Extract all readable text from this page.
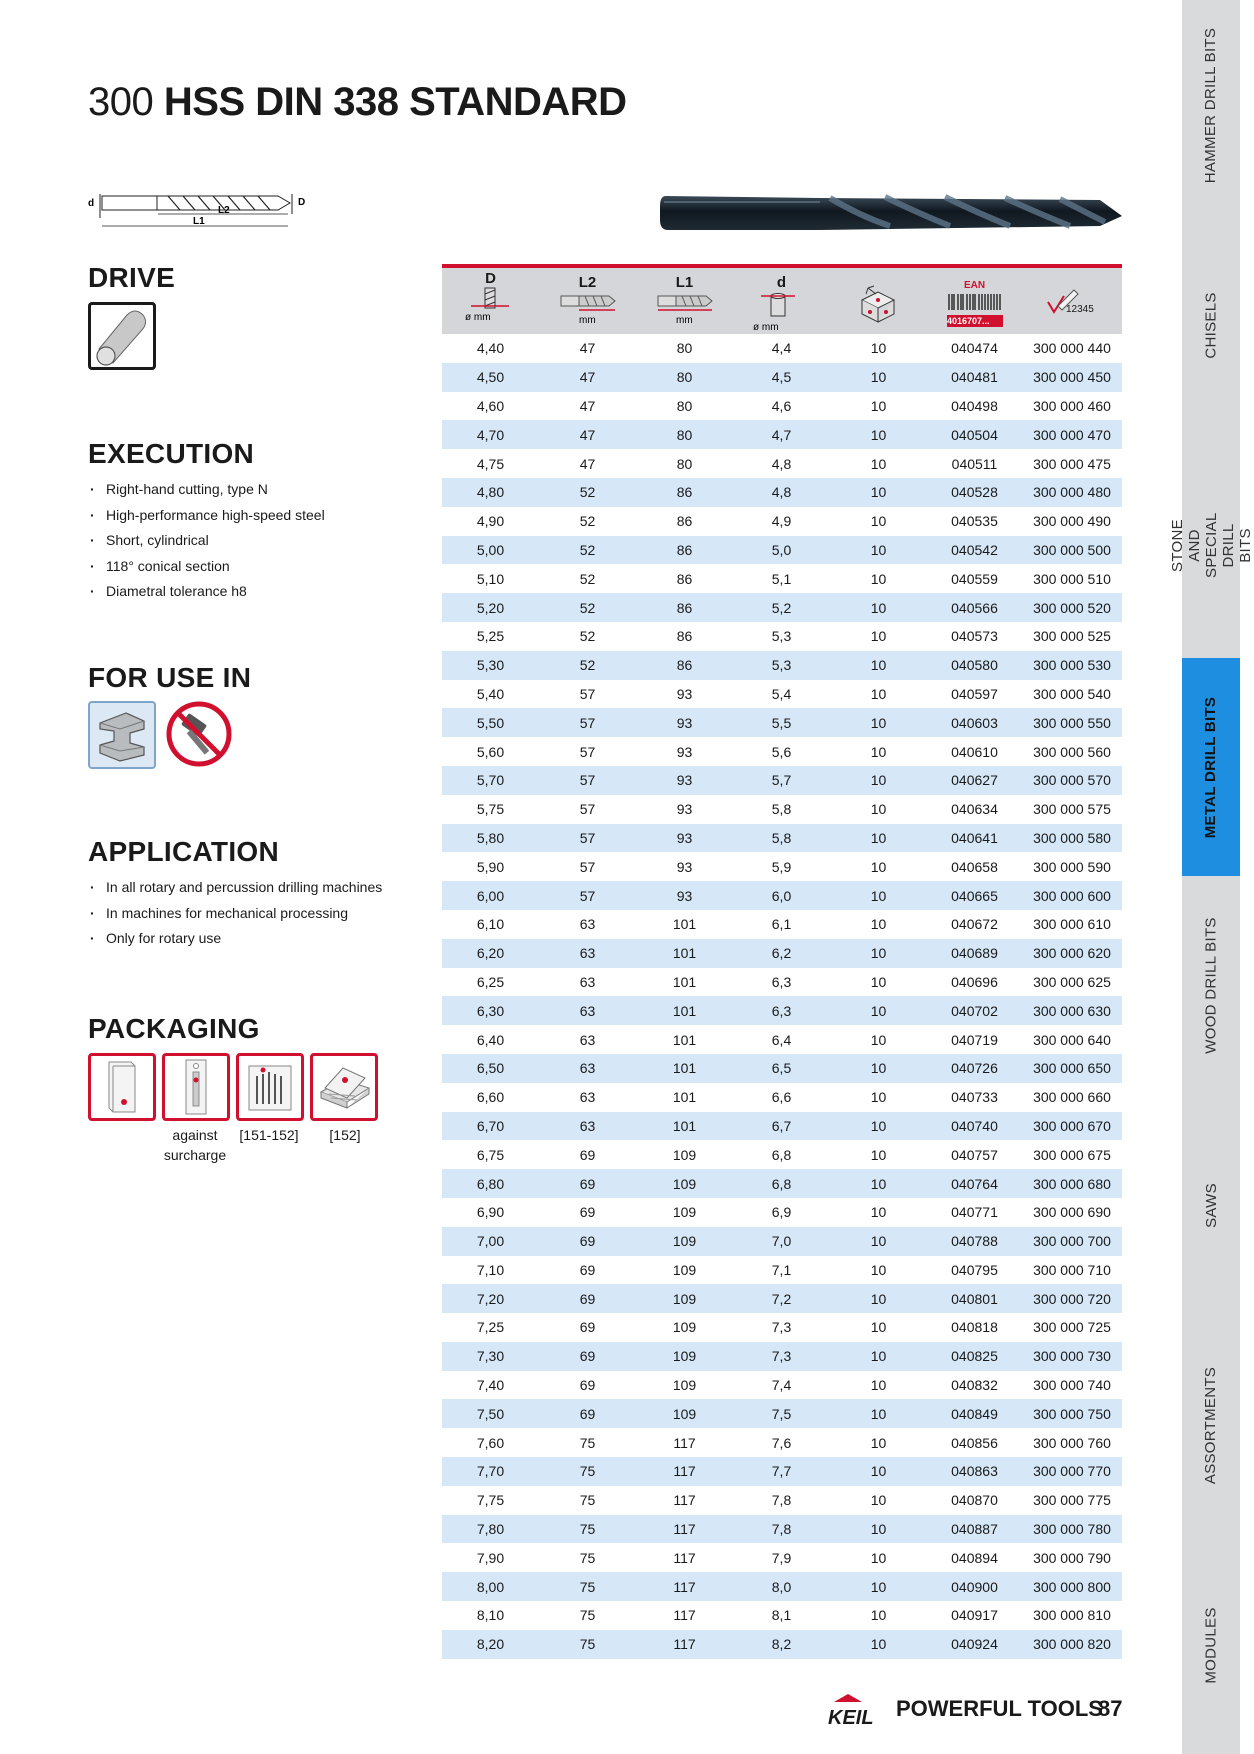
300 HSS DIN 338 STANDARD
d	D
L2
L1
DRIVE
EXECUTION
· Right-hand cutting, type N
· High-performance high-speed steel
· Short, cylindrical
· 118° conical section
· Diametral tolerance h8
FOR USE IN
APPLICATION
· In all rotary and percussion drilling machines
· In machines for mechanical processing
· Only for rotary use
PACKAGING
against
surcharge
[151-152]	[152]
D
ø mm
L2
mm
L1
mm
d
ø mm
EAN
4016707...
12345
4,40	47	80	4,4	10	040474	300 000 440
4,50	47	80	4,5	10	040481	300 000 450
4,60	47	80	4,6	10	040498	300 000 460
4,70	47	80	4,7	10	040504	300 000 470
4,75	47	80	4,8	10	040511	300 000 475
4,80	52	86	4,8	10	040528	300 000 480
4,90	52	86	4,9	10	040535	300 000 490
5,00	52	86	5,0	10	040542	300 000 500
5,10	52	86	5,1	10	040559	300 000 510
5,20	52	86	5,2	10	040566	300 000 520
5,25	52	86	5,3	10	040573	300 000 525
5,30	52	86	5,3	10	040580	300 000 530
5,40	57	93	5,4	10	040597	300 000 540
5,50	57	93	5,5	10	040603	300 000 550
5,60	57	93	5,6	10	040610	300 000 560
5,70	57	93	5,7	10	040627	300 000 570
5,75	57	93	5,8	10	040634	300 000 575
5,80	57	93	5,8	10	040641	300 000 580
5,90	57	93	5,9	10	040658	300 000 590
6,00	57	93	6,0	10	040665	300 000 600
6,10	63	101	6,1	10	040672	300 000 610
6,20	63	101	6,2	10	040689	300 000 620
6,25	63	101	6,3	10	040696	300 000 625
6,30	63	101	6,3	10	040702	300 000 630
6,40	63	101	6,4	10	040719	300 000 640
6,50	63	101	6,5	10	040726	300 000 650
6,60	63	101	6,6	10	040733	300 000 660
6,70	63	101	6,7	10	040740	300 000 670
6,75	69	109	6,8	10	040757	300 000 675
6,80	69	109	6,8	10	040764	300 000 680
6,90	69	109	6,9	10	040771	300 000 690
7,00	69	109	7,0	10	040788	300 000 700
7,10	69	109	7,1	10	040795	300 000 710
7,20	69	109	7,2	10	040801	300 000 720
7,25	69	109	7,3	10	040818	300 000 725
7,30	69	109	7,3	10	040825	300 000 730
7,40	69	109	7,4	10	040832	300 000 740
7,50	69	109	7,5	10	040849	300 000 750
7,60	75	117	7,6	10	040856	300 000 760
7,70	75	117	7,7	10	040863	300 000 770
7,75	75	117	7,8	10	040870	300 000 775
7,80	75	117	7,8	10	040887	300 000 780
7,90	75	117	7,9	10	040894	300 000 790
8,00	75	117	8,0	10	040900	300 000 800
8,10	75	117	8,1	10	040917	300 000 810
8,20	75	117	8,2	10	040924	300 000 820
KEIL POWERFUL TOOLS
87
HAMMER DRILL BITS
CHISELS
STONE AND
SPECIAL DRILL BITS
METAL DRILL BITS
WOOD DRILL BITS
SAWS
ASSORTMENTS
MODULES
